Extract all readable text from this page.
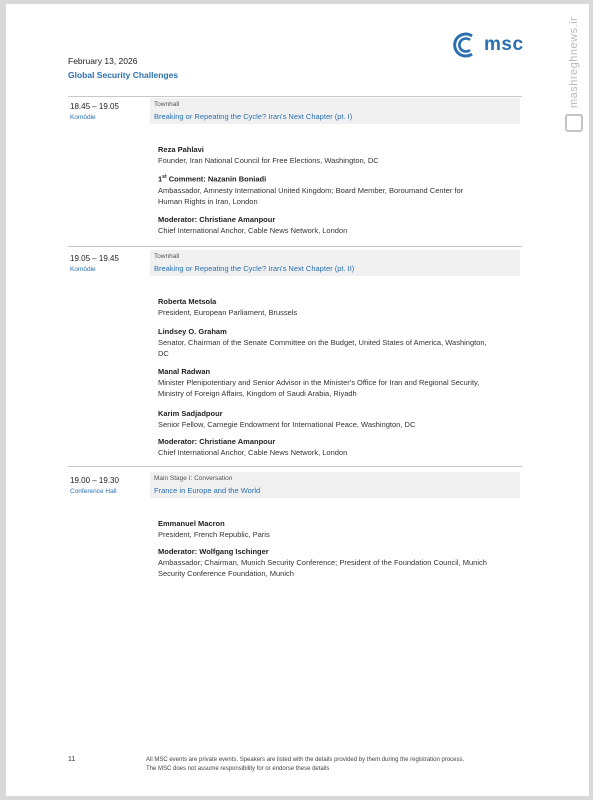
mashreghnews.ir
February 13, 2026
Global Security Challenges
msc
18.45 – 19.05
Komödie
Townhall
Breaking or Repeating the Cycle? Iran's Next Chapter (pt. I)
Reza Pahlavi
Founder, Iran National Council for Free Elections, Washington, DC
1st Comment: Nazanin Boniadi
Ambassador, Amnesty International United Kingdom; Board Member, Boroumand Center for
Human Rights in Iran, London
Moderator: Christiane Amanpour
Chief International Anchor, Cable News Network, London
19.05 – 19.45
Komödie
Townhall
Breaking or Repeating the Cycle? Iran's Next Chapter (pt. II)
Roberta Metsola
President, European Parliament, Brussels
Lindsey O. Graham
Senator, Chairman of the Senate Committee on the Budget, United States of America, Washington,
DC
Manal Radwan
Minister Plenipotentiary and Senior Advisor in the Minister's Office for Iran and Regional Security,
Ministry of Foreign Affairs, Kingdom of Saudi Arabia, Riyadh
Karim Sadjadpour
Senior Fellow, Carnegie Endowment for International Peace, Washington, DC
Moderator: Christiane Amanpour
Chief International Anchor, Cable News Network, London
19.00 – 19.30
Conference Hall
Main Stage I: Conversation
France in Europe and the World
Emmanuel Macron
President, French Republic, Paris
Moderator: Wolfgang Ischinger
Ambassador; Chairman, Munich Security Conference; President of the Foundation Council, Munich
Security Conference Foundation, Munich
11	All MSC events are private events. Speakers are listed with the details provided by them during the registration process.
The MSC does not assume responsibility for or endorse these details
